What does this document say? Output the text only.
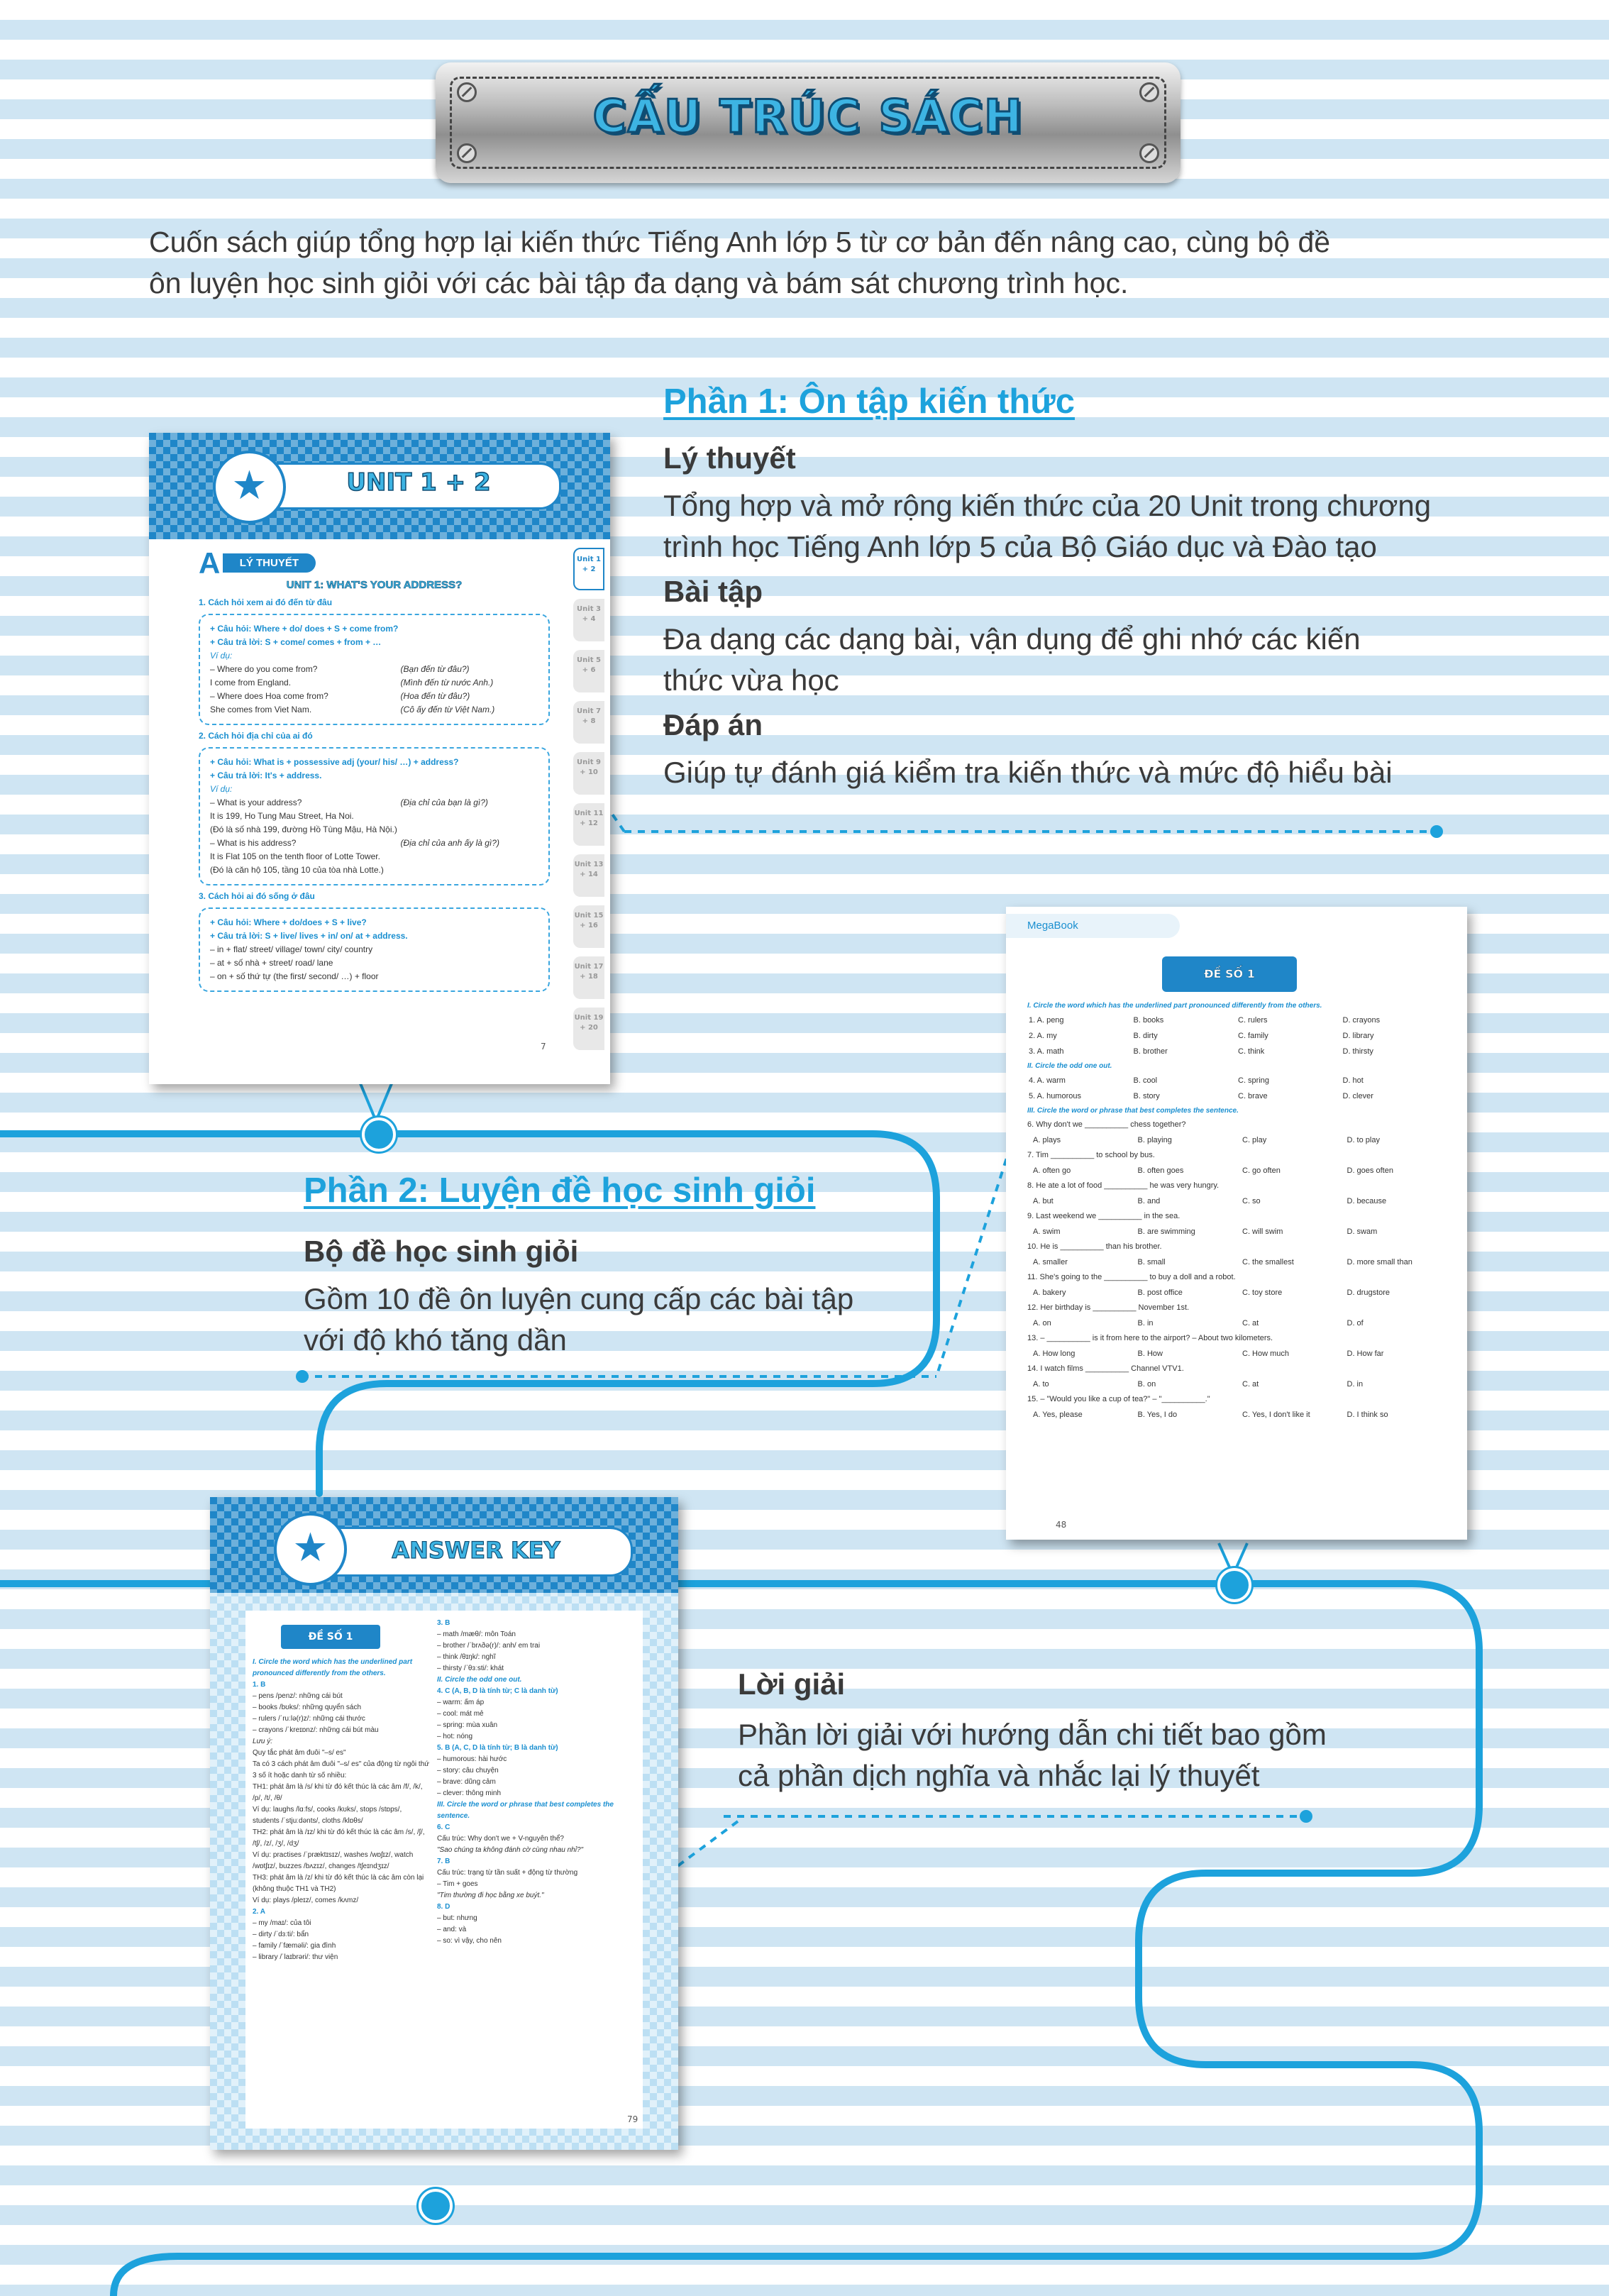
CẤU TRÚC SÁCH
Cuốn sách giúp tổng hợp lại kiến thức Tiếng Anh lớp 5 từ cơ bản đến nâng cao, cùng bộ đề
ôn luyện học sinh giỏi với các bài tập đa dạng và bám sát chương trình học.
Phần 1: Ôn tập kiến thức
Lý thuyết
Tổng hợp và mở rộng kiến thức của 20 Unit trong chương
trình học Tiếng Anh lớp 5 của Bộ Giáo dục và Đào tạo
Bài tập
Đa dạng các dạng bài, vận dụng để ghi nhớ các kiến
thức vừa học
Đáp án
Giúp tự đánh giá kiểm tra kiến thức và mức độ hiểu bài
Phần 2: Luyện đề học sinh giỏi
Bộ đề học sinh giỏi
Gồm 10 đề ôn luyện cung cấp các bài tập
với độ khó tăng dần
Lời giải
Phần lời giải với hướng dẫn chi tiết bao gồm
cả phần dịch nghĩa và nhắc lại lý thuyết
★	UNIT 1 + 2
A LÝ THUYẾT
UNIT 1: WHAT'S YOUR ADDRESS?
1. Cách hỏi xem ai đó đến từ đâu
+ Câu hỏi: Where + do/ does + S + come from?
+ Câu trả lời: S + come/ comes + from + …
Ví dụ:
– Where do you come from?	(Bạn đến từ đâu?)
I come from England.	(Mình đến từ nước Anh.)
– Where does Hoa come from?	(Hoa đến từ đâu?)
She comes from Viet Nam.	(Cô ấy đến từ Việt Nam.)
2. Cách hỏi địa chỉ của ai đó
+ Câu hỏi: What is + possessive adj (your/ his/ …) + address?
+ Câu trả lời: It's + address.
Ví dụ:
– What is your address?	(Địa chỉ của bạn là gì?)
It is 199, Ho Tung Mau Street, Ha Noi.
(Đó là số nhà 199, đường Hồ Tùng Mậu, Hà Nội.)
– What is his address?	(Địa chỉ của anh ấy là gì?)
It is Flat 105 on the tenth floor of Lotte Tower.
(Đó là căn hộ 105, tầng 10 của tòa nhà Lotte.)
3. Cách hỏi ai đó sống ở đâu
+ Câu hỏi: Where + do/does + S + live?
+ Câu trả lời: S + live/ lives + in/ on/ at + address.
– in + flat/ street/ village/ town/ city/ country
– at + số nhà + street/ road/ lane
– on + số thứ tự (the first/ second/ …) + floor
Unit 1 + 2
Unit 3 + 4
Unit 5 + 6
Unit 7 + 8
Unit 9 + 10
Unit 11 + 12
Unit 13 + 14
Unit 15 + 16
Unit 17 + 18
Unit 19 + 20
7
MegaBook
ĐỀ SỐ 1
I. Circle the word which has the underlined part pronounced differently from the others.
1. A. peng	B. books	C. rulers	D. crayons
2. A. my	B. dirty	C. family	D. library
3. A. math	B. brother	C. think	D. thirsty
II. Circle the odd one out.
4. A. warm	B. cool	C. spring	D. hot
5. A. humorous	B. story	C. brave	D. clever
III. Circle the word or phrase that best completes the sentence.
6. Why don't we __________ chess together?
A. plays	B. playing	C. play	D. to play
7. Tim __________ to school by bus.
A. often go	B. often goes	C. go often	D. goes often
8. He ate a lot of food __________ he was very hungry.
A. but	B. and	C. so	D. because
9. Last weekend we __________ in the sea.
A. swim	B. are swimming	C. will swim	D. swam
10. He is __________ than his brother.
A. smaller	B. small	C. the smallest	D. more small than
11. She's going to the __________ to buy a doll and a robot.
A. bakery	B. post office	C. toy store	D. drugstore
12. Her birthday is __________ November 1st.
A. on	B. in	C. at	D. of
13. – __________ is it from here to the airport? – About two kilometers.
A. How long	B. How	C. How much	D. How far
14. I watch films __________ Channel VTV1.
A. to	B. on	C. at	D. in
15. – "Would you like a cup of tea?" – "__________."
A. Yes, please	B. Yes, I do	C. Yes, I don't like it	D. I think so
48
★	ANSWER KEY
ĐỀ SỐ 1
I. Circle the word which has the underlined part pronounced differently from the others.
1. B
– pens /penz/: những cái bút
– books /bʊks/: những quyển sách
– rulers /ˈruːlə(r)z/: những cái thước
– crayons /ˈkreɪɒnz/: những cái bút màu
Lưu ý:
Quy tắc phát âm đuôi "–s/ es"
Ta có 3 cách phát âm đuôi "–s/ es" của động từ ngôi thứ 3 số ít hoặc danh từ số nhiều:
TH1: phát âm là /s/ khi từ đó kết thúc là các âm /f/, /k/, /p/, /t/, /θ/
Ví dụ: laughs /lɑːfs/, cooks /kʊks/, stops /stɒps/, students /ˈstjuːdənts/, cloths /klɒθs/
TH2: phát âm là /ɪz/ khi từ đó kết thúc là các âm /s/, /ʃ/, /tʃ/, /z/, /ʒ/, /dʒ/
Ví dụ: practises /ˈpræktɪsɪz/, washes /wɒʃɪz/, watch /wɒtʃɪz/, buzzes /bʌzɪz/, changes /tʃeɪndʒɪz/
TH3: phát âm là /z/ khi từ đó kết thúc là các âm còn lại (không thuộc TH1 và TH2)
Ví dụ: plays /pleɪz/, comes /kʌmz/
2. A
– my /maɪ/: của tôi
– dirty /ˈdɜːti/: bẩn
– family /ˈfæməli/: gia đình
– library /ˈlaɪbrəri/: thư viện
3. B
– math /mæθ/: môn Toán
– brother /ˈbrʌðə(r)/: anh/ em trai
– think /θɪŋk/: nghĩ
– thirsty /ˈθɜːsti/: khát
II. Circle the odd one out.
4. C (A, B, D là tính từ; C là danh từ)
– warm: ấm áp
– cool: mát mẻ
– spring: mùa xuân
– hot: nóng
5. B (A, C, D là tính từ; B là danh từ)
– humorous: hài hước
– story: câu chuyện
– brave: dũng cảm
– clever: thông minh
III. Circle the word or phrase that best completes the sentence.
6. C
Cấu trúc: Why don't we + V-nguyên thể?
"Sao chúng ta không đánh cờ cùng nhau nhỉ?"
7. B
Cấu trúc: trạng từ tần suất + động từ thường
– Tim + goes
"Tim thường đi học bằng xe buýt."
8. D
– but: nhưng
– and: và
– so: vì vậy, cho nên
79
